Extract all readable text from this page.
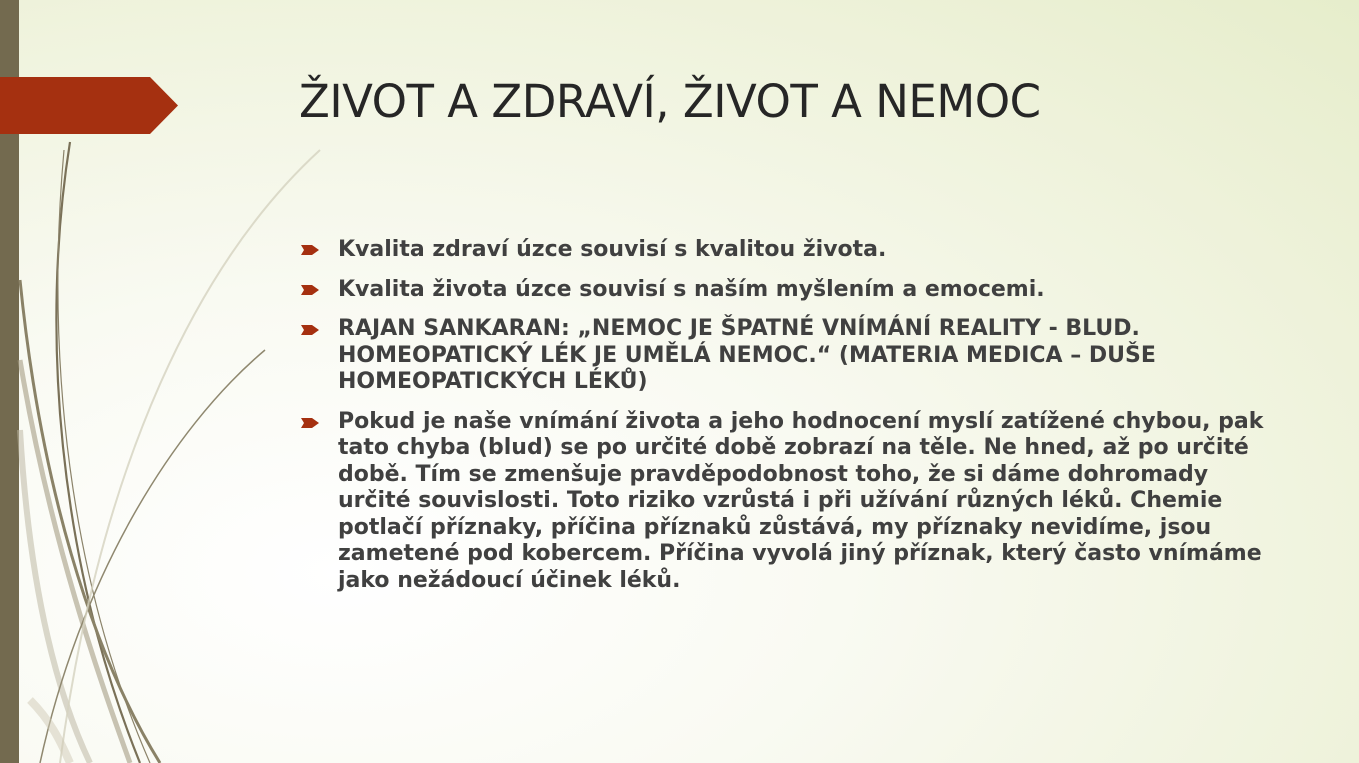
ŽIVOT A ZDRAVÍ, ŽIVOT A NEMOC
Kvalita zdraví úzce souvisí s kvalitou života.
Kvalita života úzce souvisí s naším myšlením a emocemi.
RAJAN SANKARAN: „NEMOC JE ŠPATNÉ VNÍMÁNÍ REALITY - BLUD. HOMEOPATICKÝ LÉK JE UMĚLÁ NEMOC.“ (MATERIA MEDICA – DUŠE HOMEOPATICKÝCH LÉKŮ)
Pokud je naše vnímání života a jeho hodnocení myslí zatížené chybou, pak tato chyba (blud) se po určité době zobrazí na těle. Ne hned, až po určité době. Tím se zmenšuje pravděpodobnost toho, že si dáme dohromady určité souvislosti. Toto riziko vzrůstá i při užívání různých léků. Chemie potlačí příznaky, příčina příznaků zůstává, my příznaky nevidíme, jsou zametené pod kobercem. Příčina vyvolá jiný příznak, který často vnímáme jako nežádoucí účinek léků.
